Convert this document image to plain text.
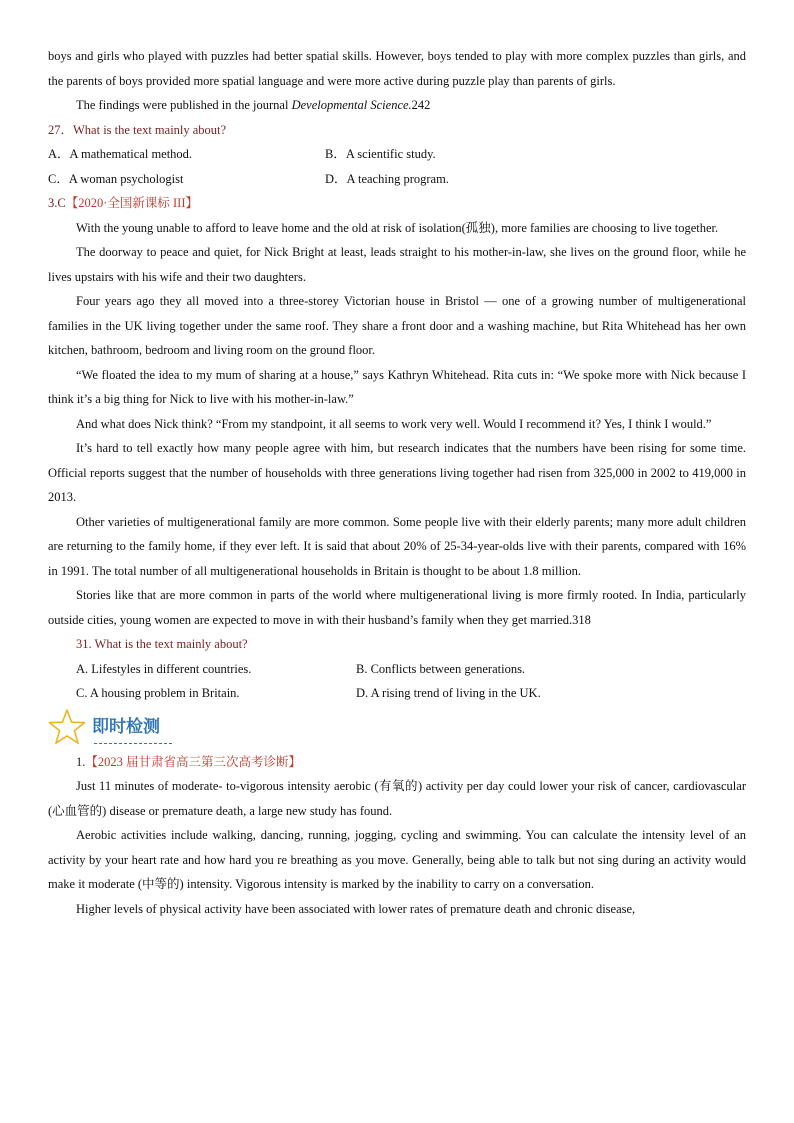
boys and girls who played with puzzles had better spatial skills. However, boys tended to play with more complex puzzles than girls, and the parents of boys provided more spatial language and were more active during puzzle play than parents of girls.

The findings were published in the journal Developmental Science.242

27．What is the text mainly about?

A．A mathematical method.	B．A scientific study.
C．A woman psychologist	D．A teaching program.

3.C【2020·全国新课标 III】

With the young unable to afford to leave home and the old at risk of isolation(孤独), more families are choosing to live together.

The doorway to peace and quiet, for Nick Bright at least, leads straight to his mother-in-law, she lives on the ground floor, while he lives upstairs with his wife and their two daughters.

Four years ago they all moved into a three-storey Victorian house in Bristol — one of a growing number of multigenerational families in the UK living together under the same roof. They share a front door and a washing machine, but Rita Whitehead has her own kitchen, bathroom, bedroom and living room on the ground floor.

“We floated the idea to my mum of sharing at a house,” says Kathryn Whitehead. Rita cuts in: “We spoke more with Nick because I think it’s a big thing for Nick to live with his mother-in-law.”

And what does Nick think? “From my standpoint, it all seems to work very well. Would I recommend it? Yes, I think I would.”

It’s hard to tell exactly how many people agree with him, but research indicates that the numbers have been rising for some time. Official reports suggest that the number of households with three generations living together had risen from 325,000 in 2002 to 419,000 in 2013.

Other varieties of multigenerational family are more common. Some people live with their elderly parents; many more adult children are returning to the family home, if they ever left. It is said that about 20% of 25-34-year-olds live with their parents, compared with 16% in 1991. The total number of all multigenerational households in Britain is thought to be about 1.8 million.

Stories like that are more common in parts of the world where multigenerational living is more firmly rooted. In India, particularly outside cities, young women are expected to move in with their husband’s family when they get married.318

31. What is the text mainly about?

A. Lifestyles in different countries.	B. Conflicts between generations.
C. A housing problem in Britain.	D. A rising trend of living in the UK.
即时检测

1.【2023 届甘肃省高三第三次高考诊断】

Just 11 minutes of moderate- to-vigorous intensity aerobic (有氧的) activity per day could lower your risk of cancer, cardiovascular (心血管的) disease or premature death, a large new study has found.

Aerobic activities include walking, dancing, running, jogging, cycling and swimming. You can calculate the intensity level of an activity by your heart rate and how hard you re breathing as you move. Generally, being able to talk but not sing during an activity would make it moderate (中等的) intensity. Vigorous intensity is marked by the inability to carry on a conversation.

Higher levels of physical activity have been associated with lower rates of premature death and chronic disease,
